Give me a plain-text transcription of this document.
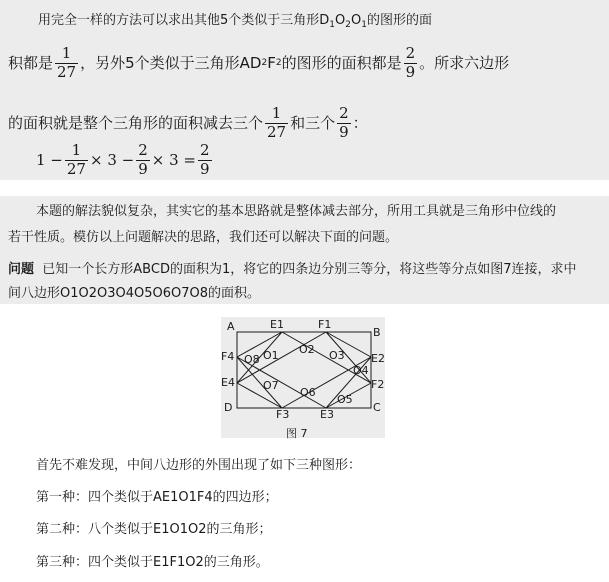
用完全一样的方法可以求出其他5个类似于三角形$D_1O_2O_1$的图形的面
积都是 $\frac{1}{27}$ ，另外5个类似于三角形AD 2 F 2 的图形的面积都是 $\frac{2}{9}$ 。所求六边形
的面积就是整个三角形的面积减去三个 $\frac{1}{27}$ 和三个 $\frac{2}{9}$ ：
$1 - \frac{1}{27} \times 3 - \frac{2}{9} \times 3 = \frac{2}{9}$
本题的解法貌似复杂，其实它的基本思路就是整体减去部分，所用工具就是三角形中位线的
若干性质。模仿以上问题解决的思路，我们还可以解决下面的问题。
问题 已知一个长方形ABCD的面积为1，将它的四条边分别三等分，将这些等分点如图7连接，求中
间八边形O1O2O3O4O5O6O7O8的面积。
A	B
C
D
E1	F1
E2
F2
E3
F3
E4
F4	O1 O2 O3
O4
O5
O6
O7
O8
图 7
首先不难发现，中间八边形的外围出现了如下三种图形：
第一种：四个类似于AE1O1F4的四边形；
第二种：八个类似于E1O1O2的三角形；
第三种：四个类似于E1F1O2的三角形。
